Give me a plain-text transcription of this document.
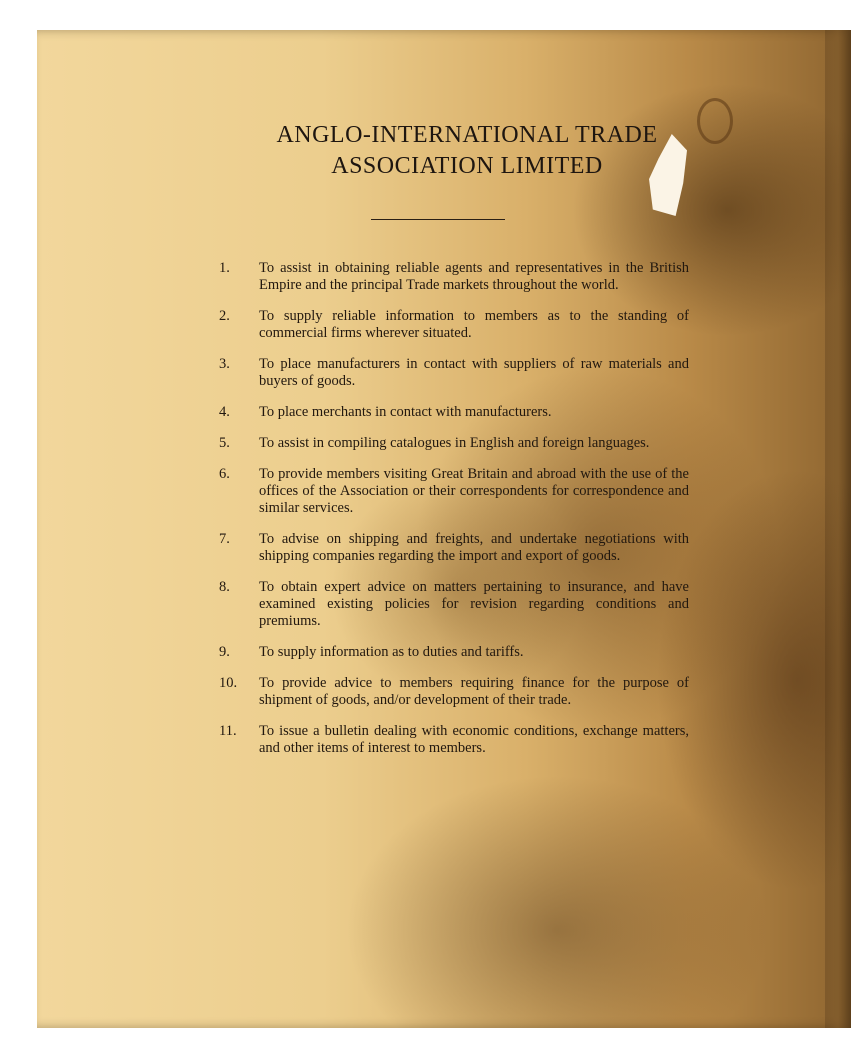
ANGLO-INTERNATIONAL TRADE
ASSOCIATION LIMITED
1.	To assist in obtaining reliable agents and representatives in the British Empire and the principal Trade markets throughout the world.
2.	To supply reliable information to members as to the standing of commercial firms wherever situated.
3.	To place manufacturers in contact with suppliers of raw materials and buyers of goods.
4.	To place merchants in contact with manufacturers.
5.	To assist in compiling catalogues in English and foreign languages.
6.	To provide members visiting Great Britain and abroad with the use of the offices of the Association or their correspondents for correspondence and similar services.
7.	To advise on shipping and freights, and undertake negotiations with shipping companies regarding the import and export of goods.
8.	To obtain expert advice on matters pertaining to insurance, and have examined existing policies for revision regarding conditions and premiums.
9.	To supply information as to duties and tariffs.
10.	To provide advice to members requiring finance for the purpose of shipment of goods, and/or development of their trade.
11.	To issue a bulletin dealing with economic conditions, exchange matters, and other items of interest to members.
